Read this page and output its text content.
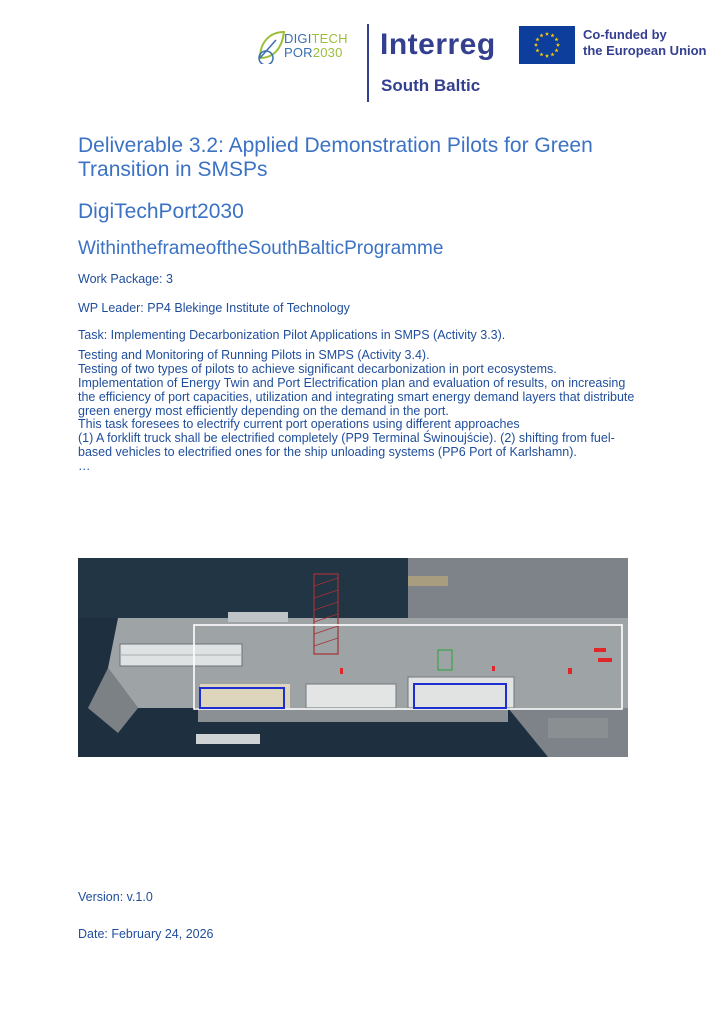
DIGITECH
POR2030 Interreg
South Baltic
Co-funded by
the European Union
Deliverable 3.2: Applied Demonstration Pilots for Green Transition in SMSPs
DigiTechPort2030
WithintheframeoftheSouthBalticProgramme
Work Package: 3
WP Leader: PP4 Blekinge Institute of Technology

Task: Implementing Decarbonization Pilot Applications in SMPS (Activity 3.3).

Testing and Monitoring of Running Pilots in SMPS (Activity 3.4).

Testing of two types of pilots to achieve significant decarbonization in port ecosystems.

Implementation of Energy Twin and Port Electrification plan and evaluation of results, on increasing

the efficiency of port capacities, utilization and integrating smart energy demand layers that distribute

green energy most efficiently depending on the demand in the port.

This task foresees to electrify current port operations using different approaches

(1) A forklift truck shall be electrified completely (PP9 Terminal Świnoujście). (2) shifting from fuel-

based vehicles to electrified ones for the ship unloading systems (PP6 Port of Karlshamn).

…

Version: v.1.0
Date: February 24, 2026
